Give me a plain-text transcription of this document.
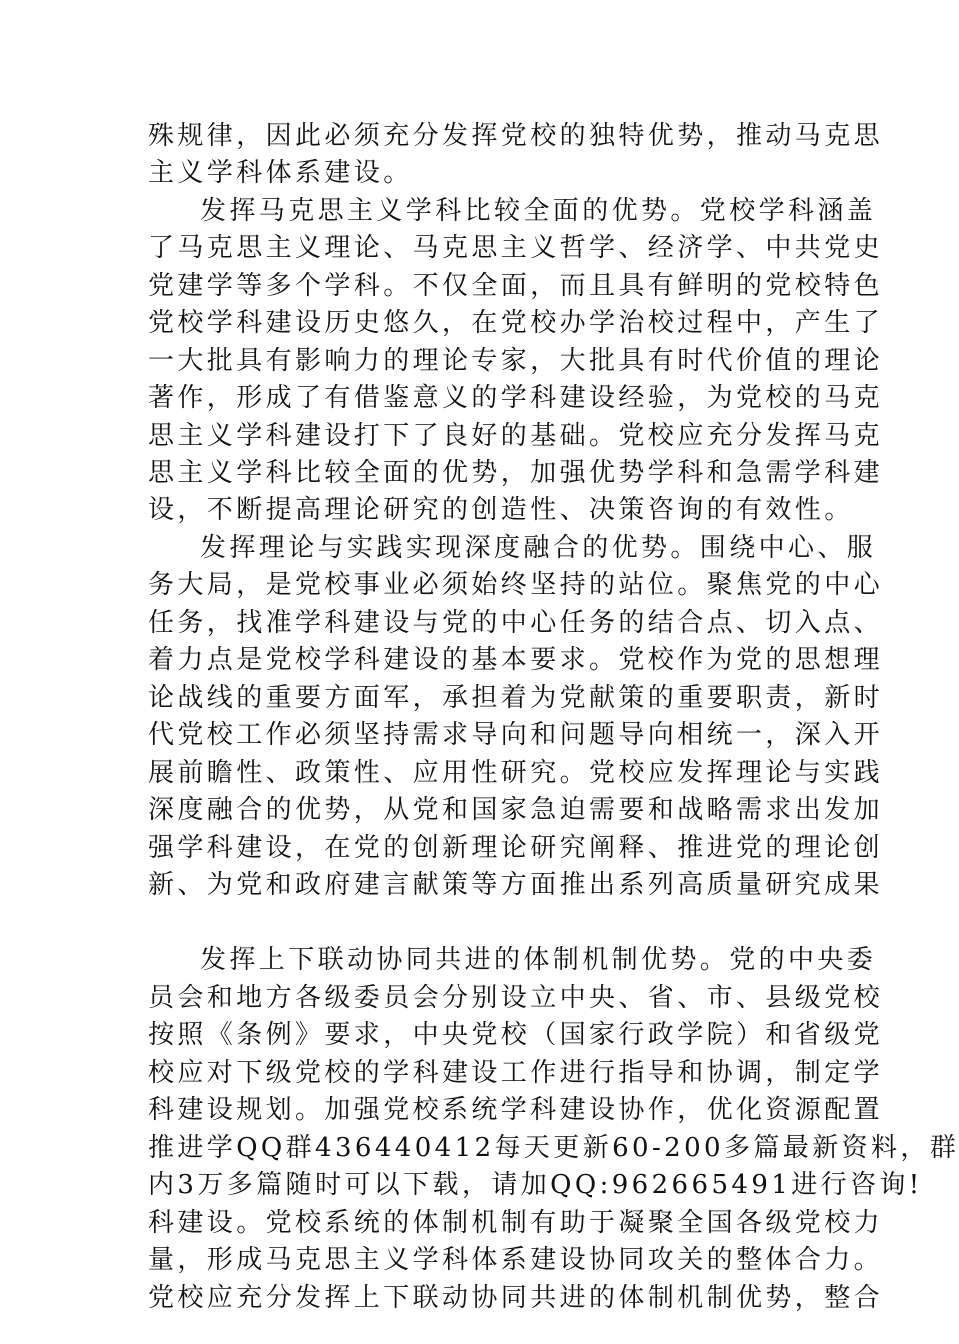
殊规律，因此必须充分发挥党校的独特优势，推动马克思
主义学科体系建设。
发挥马克思主义学科比较全面的优势。党校学科涵盖
了马克思主义理论、马克思主义哲学、经济学、中共党史
党建学等多个学科。不仅全面，而且具有鲜明的党校特色
党校学科建设历史悠久，在党校办学治校过程中，产生了
一大批具有影响力的理论专家，大批具有时代价值的理论
著作，形成了有借鉴意义的学科建设经验，为党校的马克
思主义学科建设打下了良好的基础。党校应充分发挥马克
思主义学科比较全面的优势，加强优势学科和急需学科建
设，不断提高理论研究的创造性、决策咨询的有效性。
发挥理论与实践实现深度融合的优势。围绕中心、服
务大局，是党校事业必须始终坚持的站位。聚焦党的中心
任务，找准学科建设与党的中心任务的结合点、切入点、
着力点是党校学科建设的基本要求。党校作为党的思想理
论战线的重要方面军，承担着为党献策的重要职责，新时
代党校工作必须坚持需求导向和问题导向相统一，深入开
展前瞻性、政策性、应用性研究。党校应发挥理论与实践
深度融合的优势，从党和国家急迫需要和战略需求出发加
强学科建设，在党的创新理论研究阐释、推进党的理论创
新、为党和政府建言献策等方面推出系列高质量研究成果
发挥上下联动协同共进的体制机制优势。党的中央委
员会和地方各级委员会分别设立中央、省、市、县级党校
按照《条例》要求，中央党校（国家行政学院）和省级党
校应对下级党校的学科建设工作进行指导和协调，制定学
科建设规划。加强党校系统学科建设协作，优化资源配置
推进学QQ群436440412每天更新60-200多篇最新资料，群
内3万多篇随时可以下载，请加QQ:962665491进行咨询!
科建设。党校系统的体制机制有助于凝聚全国各级党校力
量，形成马克思主义学科体系建设协同攻关的整体合力。
党校应充分发挥上下联动协同共进的体制机制优势，整合
